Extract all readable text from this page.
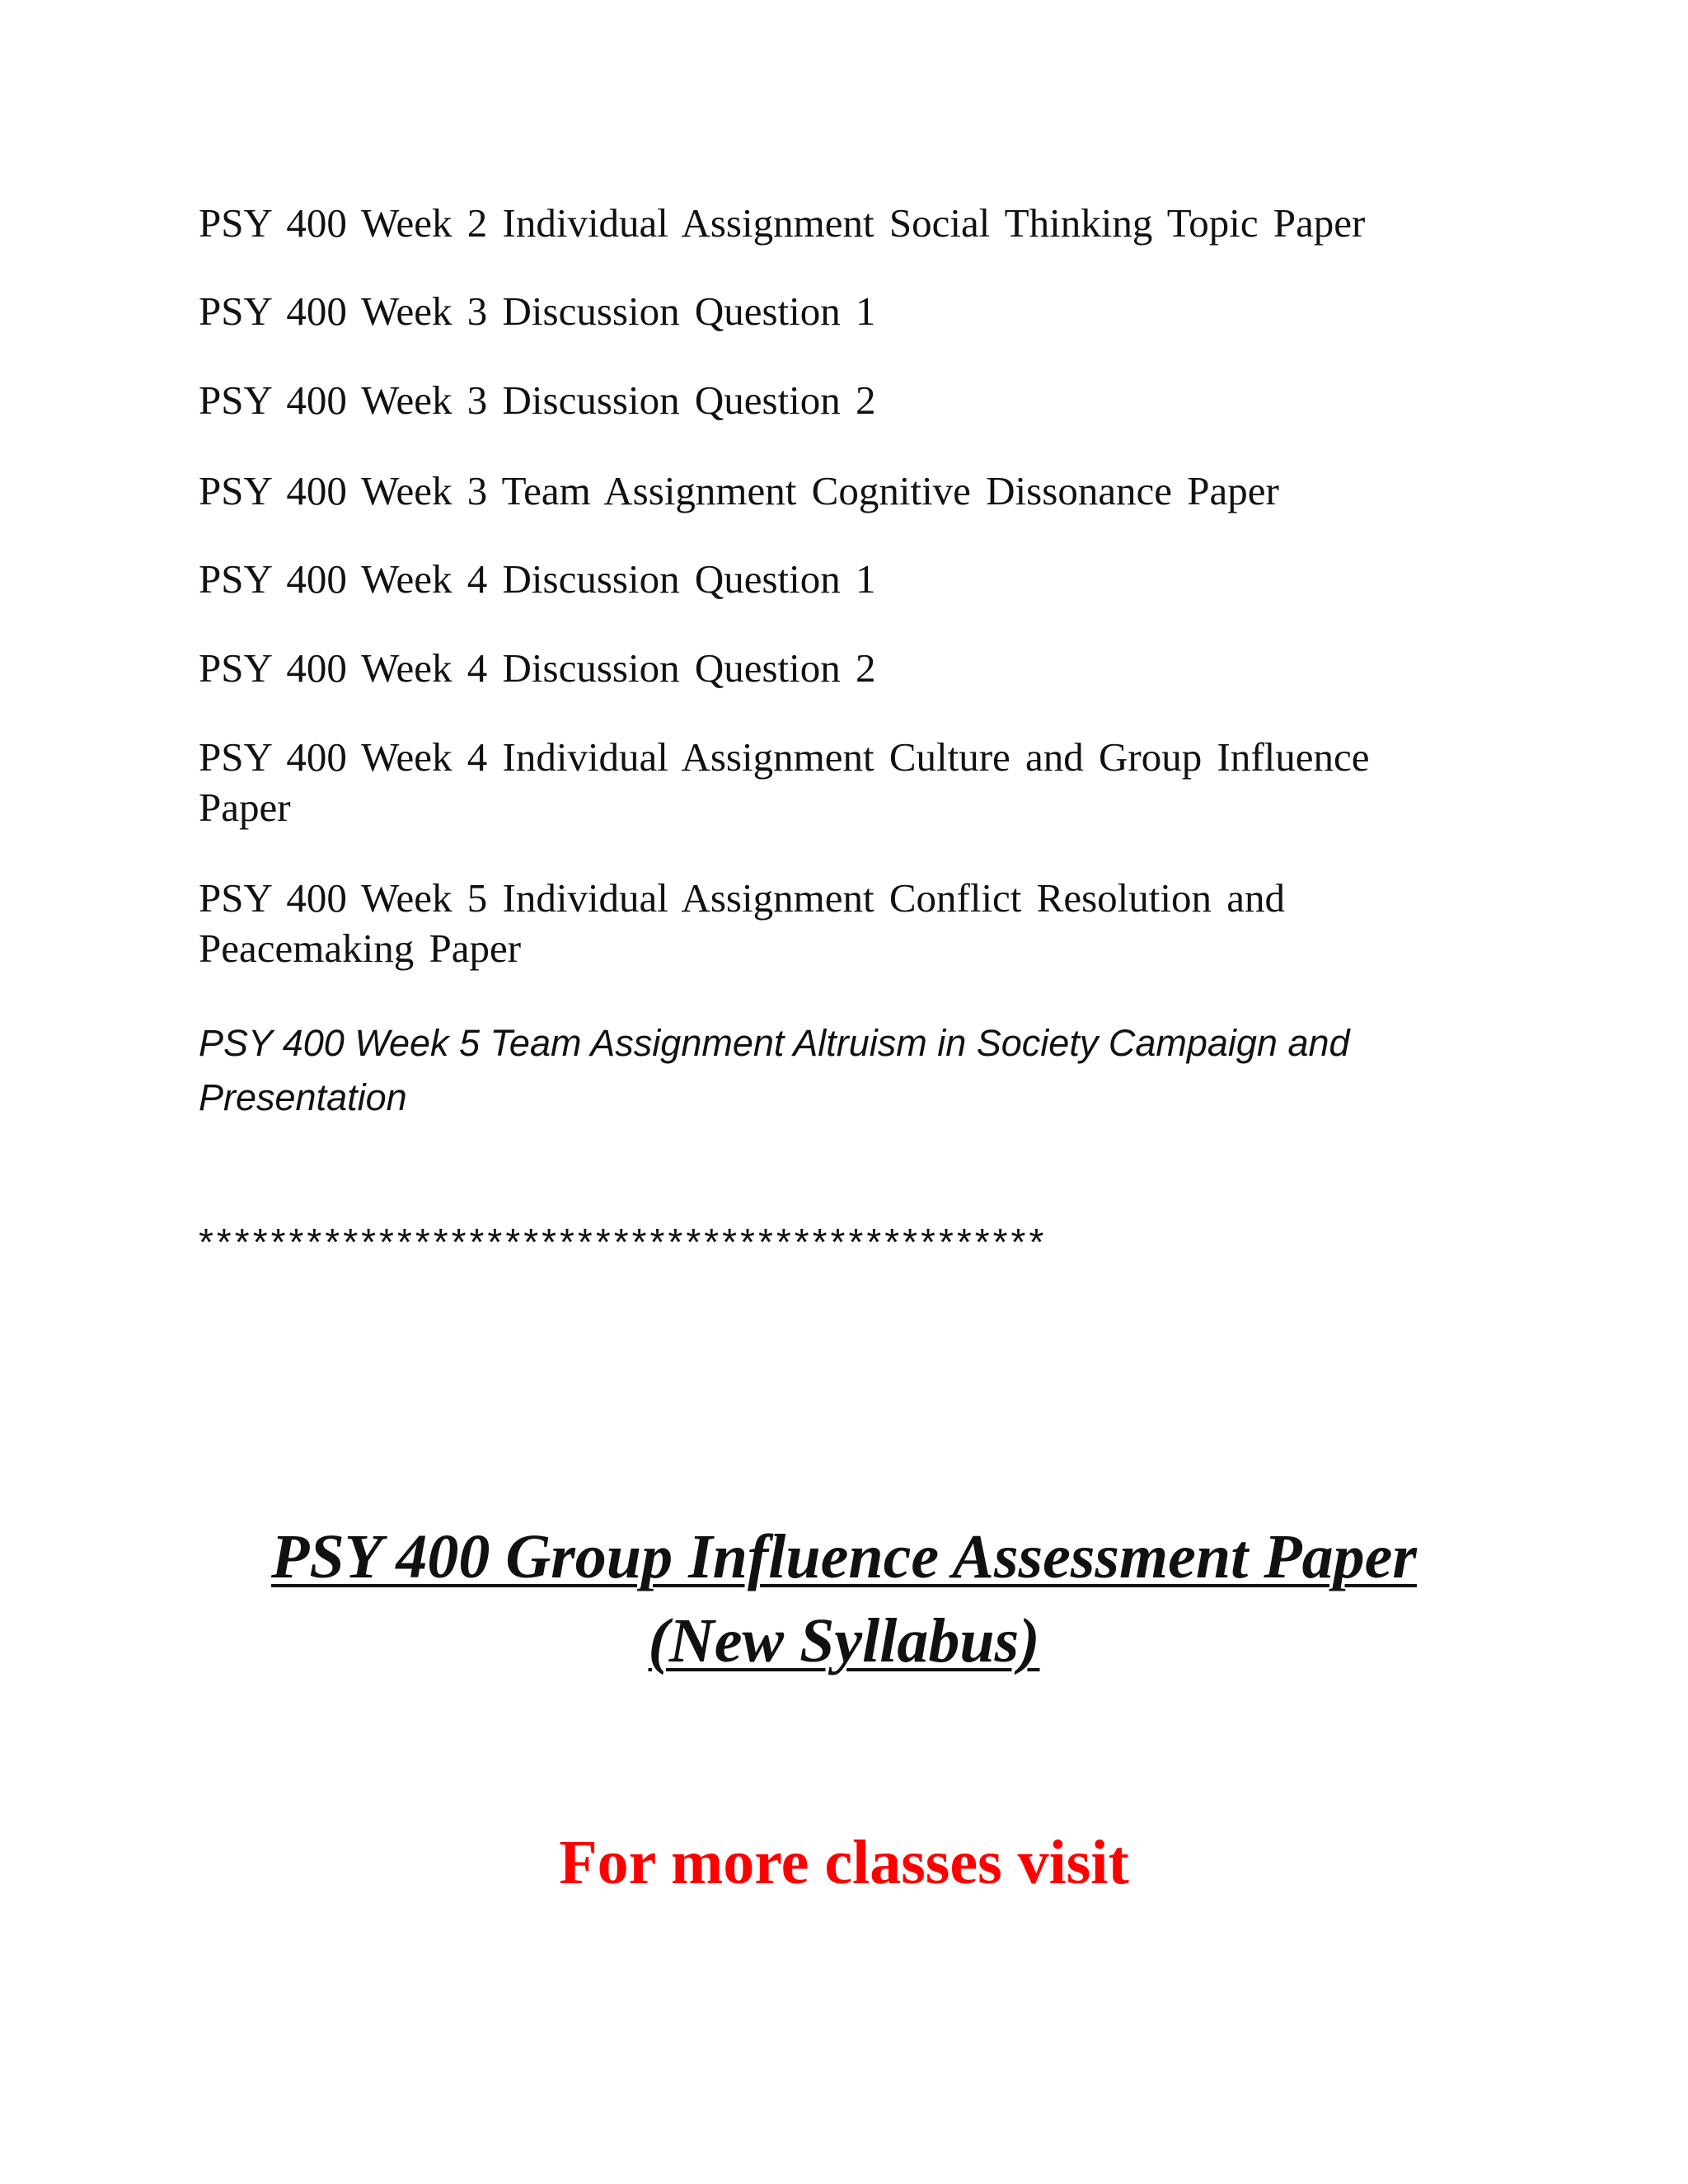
PSY 400 Week 2 Individual Assignment Social Thinking Topic Paper

PSY 400 Week 3 Discussion Question 1

PSY 400 Week 3 Discussion Question 2

PSY 400 Week 3 Team Assignment Cognitive Dissonance Paper

PSY 400 Week 4 Discussion Question 1

PSY 400 Week 4 Discussion Question 2

PSY 400 Week 4 Individual Assignment Culture and Group Influence Paper

PSY 400 Week 5 Individual Assignment Conflict Resolution and Peacemaking Paper

PSY 400 Week 5 Team Assignment Altruism in Society Campaign and Presentation

***********************************************

PSY 400 Group Influence Assessment Paper
(New Syllabus)

For more classes visit
